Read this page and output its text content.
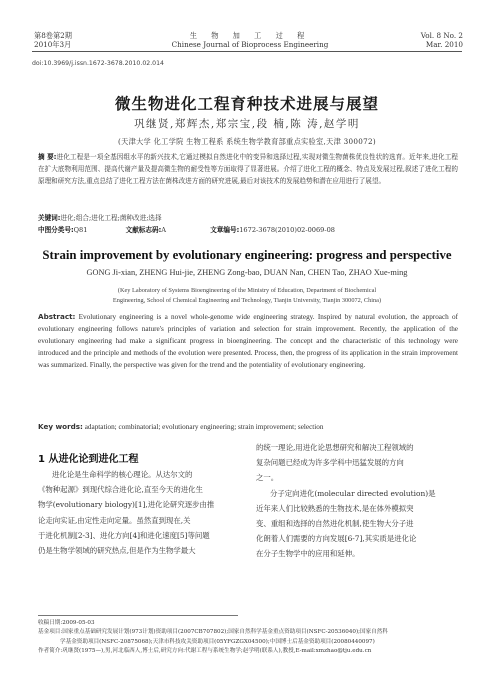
第8卷第2期
2010年3月
生 物 加 工 过 程
Chinese Journal of Bioprocess Engineering
Vol. 8 No. 2
Mar. 2010
doi:10.3969/j.issn.1672-3678.2010.02.014
微生物进化工程育种技术进展与展望
巩继贤,郑辉杰,郑宗宝,段 楠,陈 涛,赵学明
(天津大学 化工学院 生物工程系 系统生物学教育部重点实验室,天津 300072)
摘 要:进化工程是一项全基因组水平的新兴技术,它通过模拟自然进化中的变异和选择过程,实现对微生物菌株优良性状的选育。近年来,进化工程在扩大底物利用范围、提高代谢产量及提高微生物的耐受性等方面取得了显著进展。介绍了进化工程的概念、特点及发展过程,叙述了进化工程的原理和研究方法,重点总结了进化工程方法在菌株改进方面的研究进展,最后对该技术的发展趋势和潜在应用进行了展望。
关键词:进化;组合;进化工程;菌种改进;选择
中图分类号:Q81	文献标志码:A	文章编号:1672-3678(2010)02-0069-08
Strain improvement by evolutionary engineering: progress and perspective
GONG Ji-xian, ZHENG Hui-jie, ZHENG Zong-bao, DUAN Nan, CHEN Tao, ZHAO Xue-ming
(Key Laboratory of Systems Bioengineering of the Ministry of Education, Department of Biochemical
Engineering, School of Chemical Engineering and Technology, Tianjin University, Tianjin 300072, China)
Abstract: Evolutionary engineering is a novel whole-genome wide engineering strategy. Inspired by natural evolution, the approach of evolutionary engineering follows nature's principles of variation and selection for strain improvement. Recently, the application of the evolutionary engineering had make a significant progress in bioengineering. The concept and the characteristic of this technology were introduced and the principle and methods of the evolution were presented. Process, then, the progress of its application in the strain improvement was summarized. Finally, the perspective was given for the trend and the potentiality of evolutionary engineering.
Key words: adaptation; combinatorial; evolutionary engineering; strain improvement; selection
1 从进化论到进化工程
进化论是生命科学的核心理论。从达尔文的
《物种起源》到现代综合进化论,直至今天的进化生
物学(evolutionary biology)[1],进化论研究逐步由推
论走向实证,由定性走向定量。虽然直到现在,关
于进化机制[2-3]、进化方向[4]和进化速度[5]等问题
仍是生物学领域的研究热点,但是作为生物学最大
的统一理论,用进化论思想研究和解决工程领域的
复杂问题已经成为许多学科中迅猛发展的方向
之一。
分子定向进化(molecular directed evolution)是
近年来人们比较熟悉的生物技术,是在体外模拟突
变、重组和选择的自然进化机制,使生物大分子进
化朗着人们需要的方向发展[6-7],其实质是进化论
在分子生物学中的应用和延伸。
收稿日期:2009-05-03
基金项目:国家重点基础研究发展计划(973计划)资助项目(2007CB707802);国家自然科学基金重点资助项目(NSFC-20536040);国家自然科
学基金资助项目(NSFC-20875068);天津市科技攻关资助项目(05YFGZGX04500);中国博士后基金资助项目(20080440097)
作者简介:巩继贤(1975—),男,河北临西人,博士后,研究方向:代谢工程与系统生物学;赵学明(联系人),教授,E-mail:xmzhao@tju.edu.cn
